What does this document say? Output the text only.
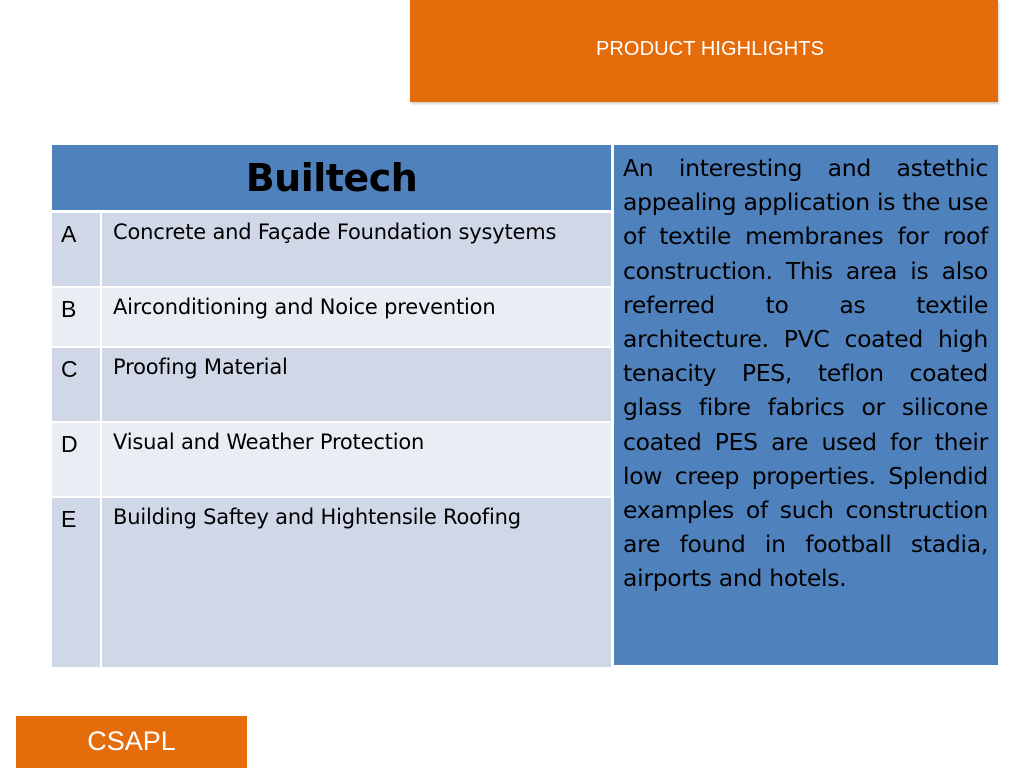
PRODUCT HIGHLIGHTS
Builtech
A	Concrete and Façade Foundation sysytems
B	Airconditioning and Noice prevention
C	Proofing Material
D	Visual and Weather Protection
E	Building Saftey and Hightensile Roofing

An interesting and astethic appealing application is the use of textile membranes for roof construction. This area is also referred to as textile architecture. PVC coated high tenacity PES, teflon coated glass fibre fabrics or silicone coated PES are used for their low creep properties. Splendid examples of such construction are found in football stadia, airports and hotels.

CSAPL
